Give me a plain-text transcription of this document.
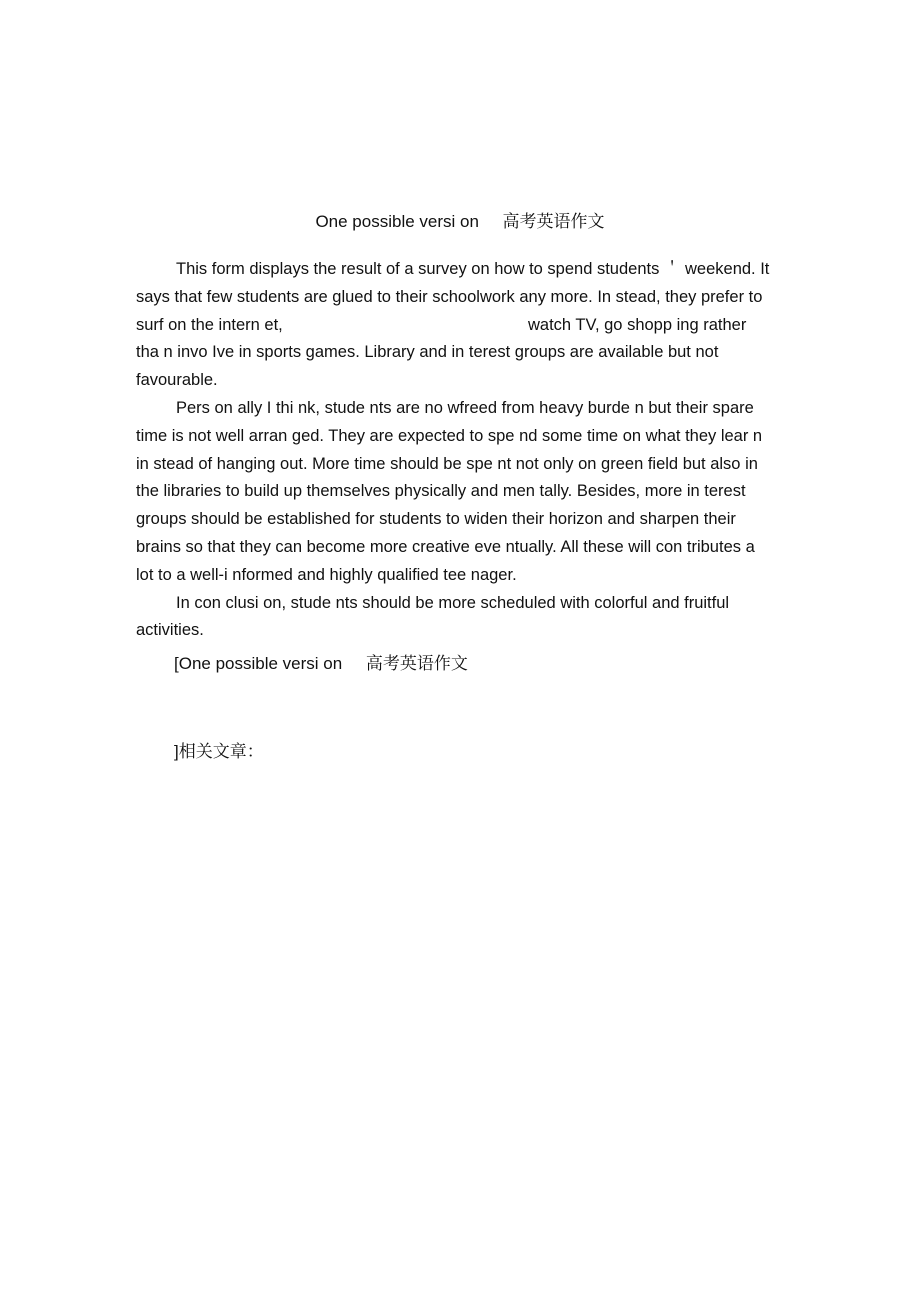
One possible versi on     高考英语作文
This form displays the result of a survey on how to spend students ＇ weekend. It
says that few students are glued to their schoolwork any more. In stead, they prefer to
surf on the intern et,	watch TV, go shopp ing rather
tha n invo Ive in sports games. Library and in terest groups are available but not
favourable.
Pers on ally I thi nk, stude nts are no wfreed from heavy burde n but their spare
time is not well arran ged. They are expected to spe nd some time on what they lear n
in stead of hanging out. More time should be spe nt not only on green field but also in
the libraries to build up themselves physically and men tally. Besides, more in terest
groups should be established for students to widen their horizon and sharpen their
brains so that they can become more creative eve ntually. All these will con tributes a
lot to a well-i nformed and highly qualified tee nager.
In con clusi on, stude nts should be more scheduled with colorful and fruitful
activities.
[One possible versi on     高考英语作文
]相关文章：
